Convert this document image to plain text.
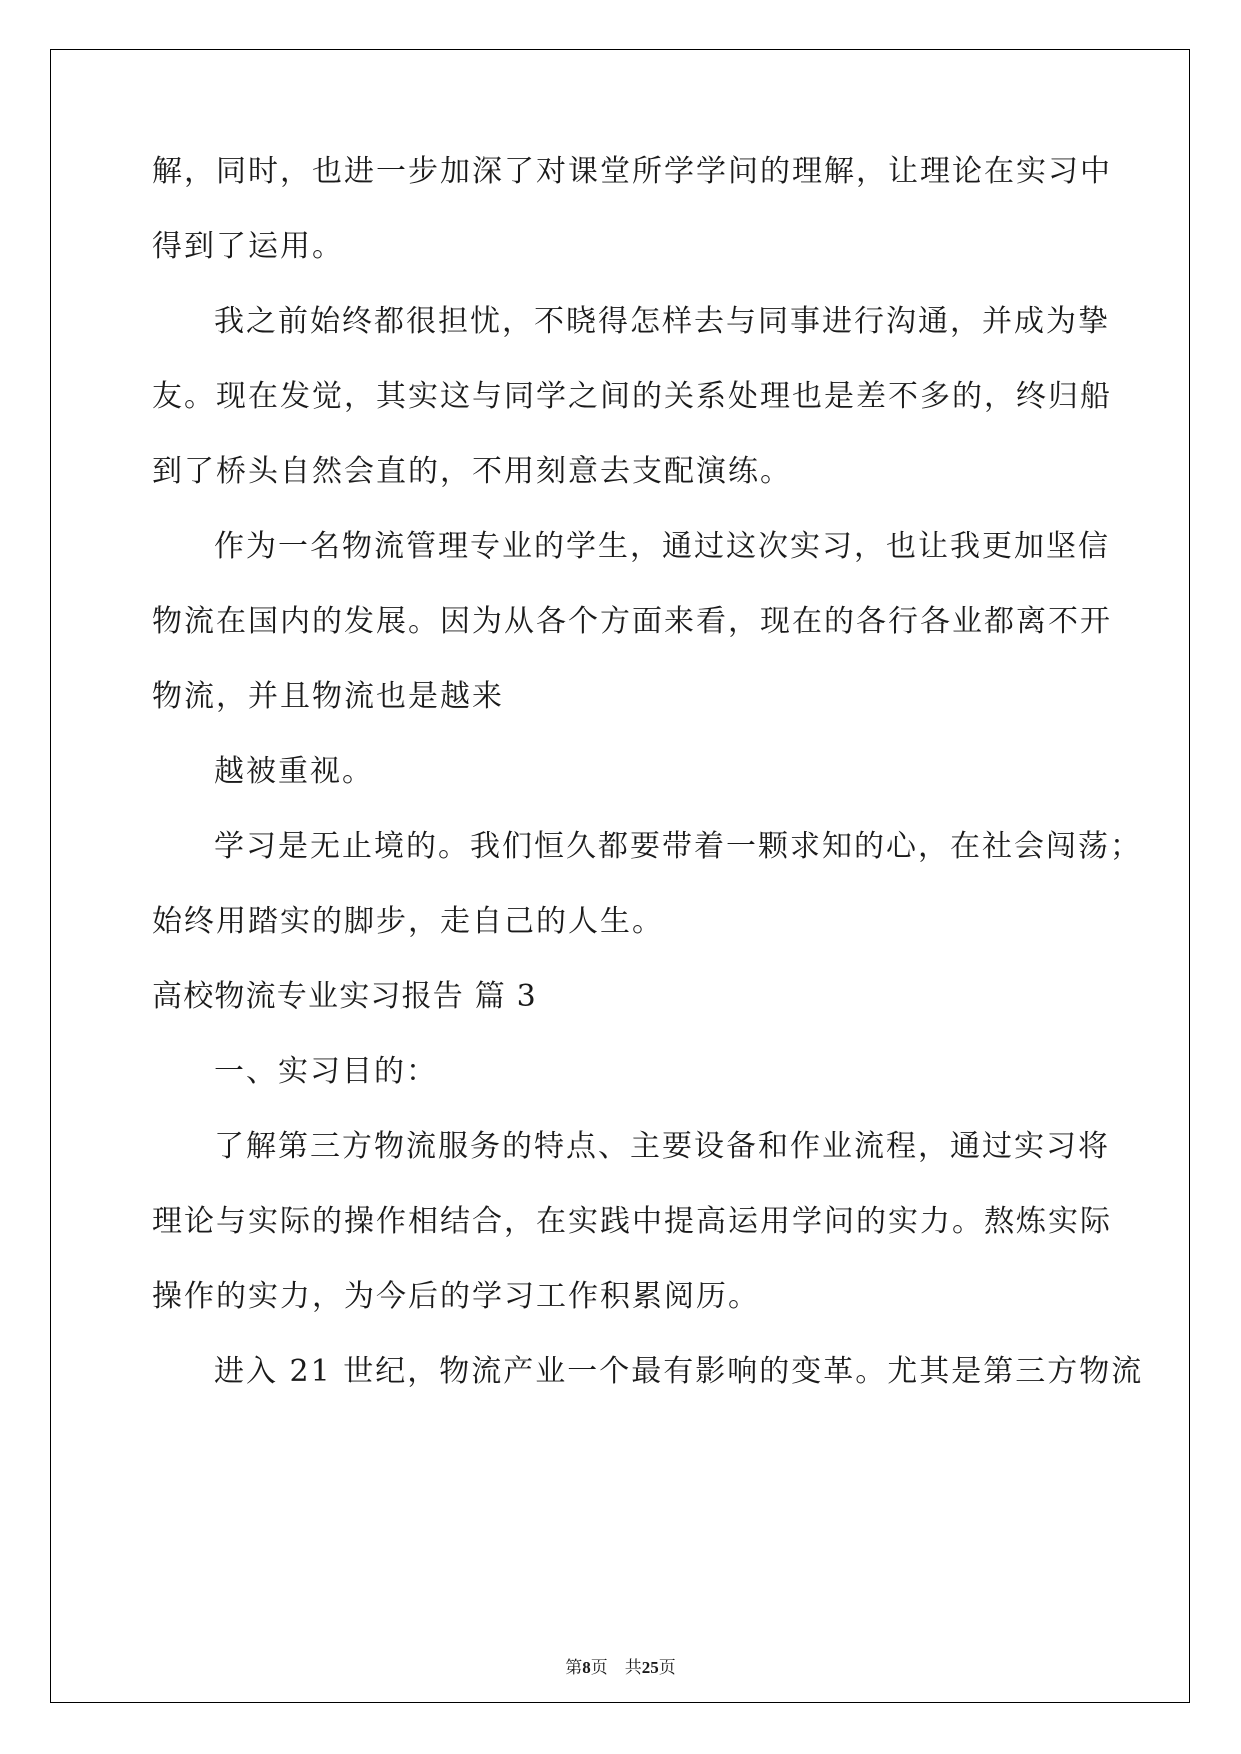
解，同时，也进一步加深了对课堂所学学问的理解，让理论在实习中

得到了运用。

我之前始终都很担忧，不晓得怎样去与同事进行沟通，并成为挚

友。现在发觉，其实这与同学之间的关系处理也是差不多的，终归船

到了桥头自然会直的，不用刻意去支配演练。

作为一名物流管理专业的学生，通过这次实习，也让我更加坚信

物流在国内的发展。因为从各个方面来看，现在的各行各业都离不开

物流，并且物流也是越来

越被重视。

学习是无止境的。我们恒久都要带着一颗求知的心，在社会闯荡；

始终用踏实的脚步，走自己的人生。

高校物流专业实习报告 篇 3

一、实习目的：

了解第三方物流服务的特点、主要设备和作业流程，通过实习将

理论与实际的操作相结合，在实践中提高运用学问的实力。熬炼实际

操作的实力，为今后的学习工作积累阅历。

进入 21 世纪，物流产业一个最有影响的变革。尤其是第三方物流

第8页　共25页
